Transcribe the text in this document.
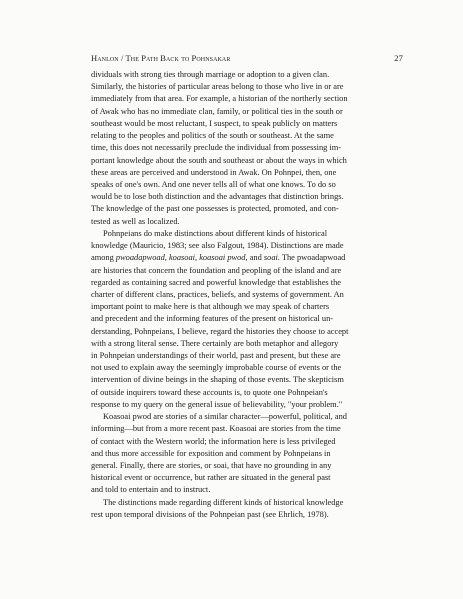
Hanlon / The Path Back to Pohnsakar	27

dividuals with strong ties through marriage or adoption to a given clan.
Similarly, the histories of particular areas belong to those who live in or are
immediately from that area. For example, a historian of the northerly section
of Awak who has no immediate clan, family, or political ties in the south or
southeast would be most reluctant, I suspect, to speak publicly on matters
relating to the peoples and politics of the south or southeast. At the same
time, this does not necessarily preclude the individual from possessing im-
portant knowledge about the south and southeast or about the ways in which
these areas are perceived and understood in Awak. On Pohnpei, then, one
speaks of one's own. And one never tells all of what one knows. To do so
would be to lose both distinction and the advantages that distinction brings.
The knowledge of the past one possesses is protected, promoted, and con-
tested as well as localized.

Pohnpeians do make distinctions about different kinds of historical
knowledge (Mauricio, 1983; see also Falgout, 1984). Distinctions are made
among pwoadapwoad, koasoai, koasoai pwod, and soai. The pwoadapwoad
are histories that concern the foundation and peopling of the island and are
regarded as containing sacred and powerful knowledge that establishes the
charter of different clans, practices, beliefs, and systems of government. An
important point to make here is that although we may speak of charters
and precedent and the informing features of the present on historical un-
derstanding, Pohnpeians, I believe, regard the histories they choose to accept
with a strong literal sense. There certainly are both metaphor and allegory
in Pohnpeian understandings of their world, past and present, but these are
not used to explain away the seemingly improbable course of events or the
intervention of divine beings in the shaping of those events. The skepticism
of outside inquirers toward these accounts is, to quote one Pohnpeian's
response to my query on the general issue of believability, "your problem."

Koasoai pwod are stories of a similar character—powerful, political, and
informing—but from a more recent past. Koasoai are stories from the time
of contact with the Western world; the information here is less privileged
and thus more accessible for exposition and comment by Pohnpeians in
general. Finally, there are stories, or soai, that have no grounding in any
historical event or occurrence, but rather are situated in the general past
and told to entertain and to instruct.

The distinctions made regarding different kinds of historical knowledge
rest upon temporal divisions of the Pohnpeian past (see Ehrlich, 1978).
